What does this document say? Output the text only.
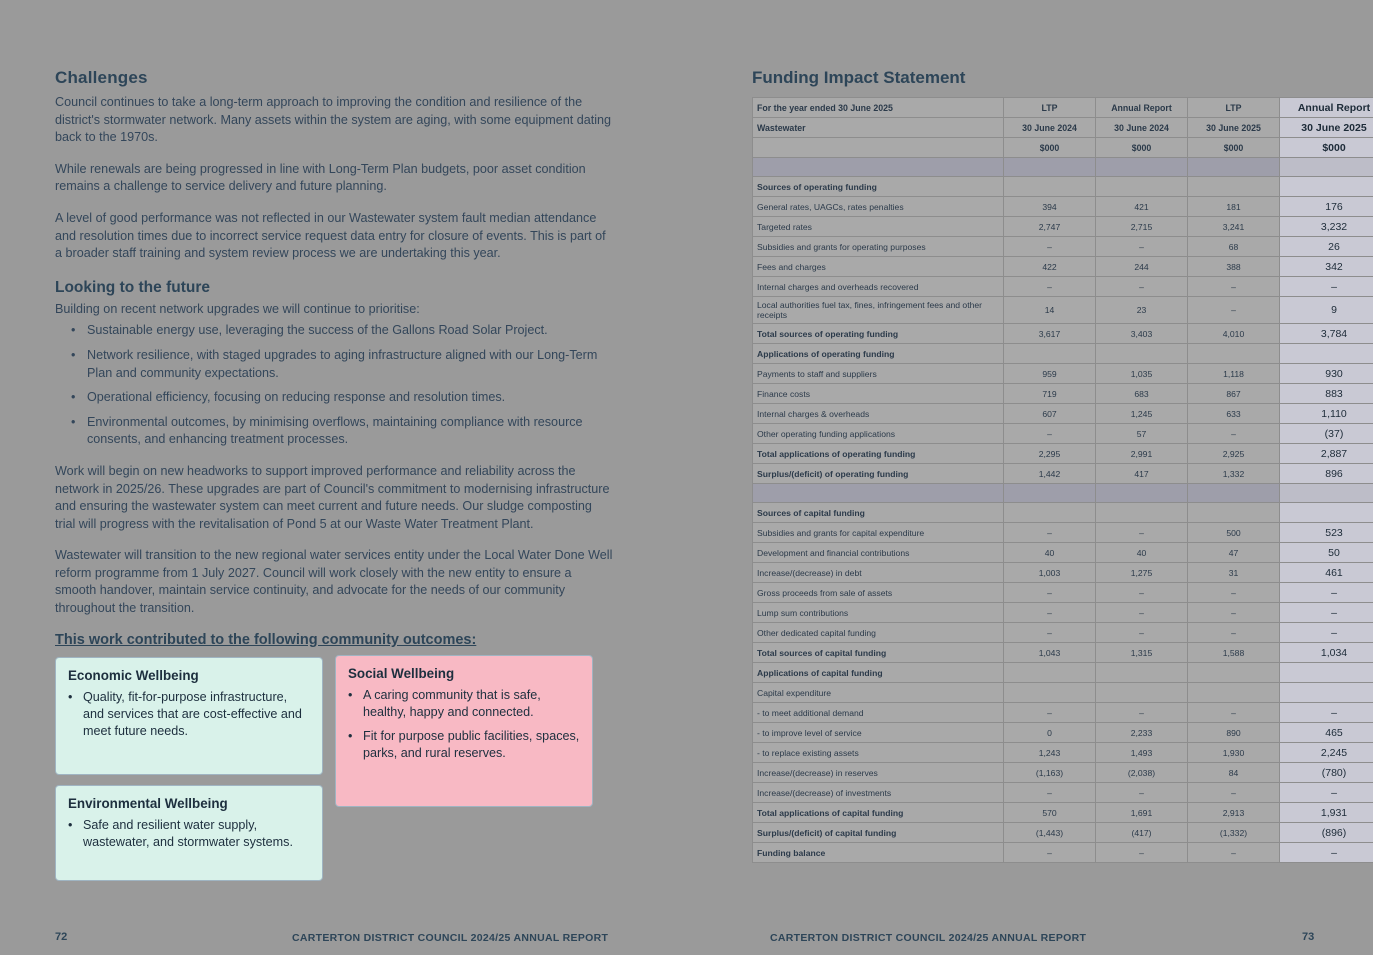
Challenges

Council continues to take a long-term approach to improving the condition and resilience of the district's stormwater network. Many assets within the system are aging, with some equipment dating back to the 1970s.

While renewals are being progressed in line with Long-Term Plan budgets, poor asset condition remains a challenge to service delivery and future planning.

A level of good performance was not reflected in our Wastewater system fault median attendance and resolution times due to incorrect service request data entry for closure of events. This is part of a broader staff training and system review process we are undertaking this year.

Looking to the future

Building on recent network upgrades we will continue to prioritise:

• Sustainable energy use, leveraging the success of the Gallons Road Solar Project.
• Network resilience, with staged upgrades to aging infrastructure aligned with our Long-Term Plan and community expectations.
• Operational efficiency, focusing on reducing response and resolution times.
• Environmental outcomes, by minimising overflows, maintaining compliance with resource consents, and enhancing treatment processes.

Work will begin on new headworks to support improved performance and reliability across the network in 2025/26. These upgrades are part of Council's commitment to modernising infrastructure and ensuring the wastewater system can meet current and future needs. Our sludge composting trial will progress with the revitalisation of Pond 5 at our Waste Water Treatment Plant.

Wastewater will transition to the new regional water services entity under the Local Water Done Well reform programme from 1 July 2027. Council will work closely with the new entity to ensure a smooth handover, maintain service continuity, and advocate for the needs of our community throughout the transition.

This work contributed to the following community outcomes:
Economic Wellbeing
• Quality, fit-for-purpose infrastructure, and services that are cost-effective and meet future needs.
Social Wellbeing
• A caring community that is safe, healthy, happy and connected.
• Fit for purpose public facilities, spaces, parks, and rural reserves.
Environmental Wellbeing
• Safe and resilient water supply, wastewater, and stormwater systems.
Funding Impact Statement
For the year ended 30 June 2025	LTP	Annual Report	LTP	Annual Report
Wastewater	30 June 2024	30 June 2024	30 June 2025	30 June 2025
	$000	$000	$000	$000

Sources of operating funding				
General rates, UAGCs, rates penalties	394	421	181	176
Targeted rates	2,747	2,715	3,241	3,232
Subsidies and grants for operating purposes	–	–	68	26
Fees and charges	422	244	388	342
Internal charges and overheads recovered	–	–	–	–
Local authorities fuel tax, fines, infringement fees and other receipts	14	23	–	9
Total sources of operating funding	3,617	3,403	4,010	3,784
Applications of operating funding				
Payments to staff and suppliers	959	1,035	1,118	930
Finance costs	719	683	867	883
Internal charges & overheads	607	1,245	633	1,110
Other operating funding applications	–	57	–	(37)
Total applications of operating funding	2,295	2,991	2,925	2,887
Surplus/(deficit) of operating funding	1,442	417	1,332	896

Sources of capital funding				
Subsidies and grants for capital expenditure	–	–	500	523
Development and financial contributions	40	40	47	50
Increase/(decrease) in debt	1,003	1,275	31	461
Gross proceeds from sale of assets	–	–	–	–
Lump sum contributions	–	–	–	–
Other dedicated capital funding	–	–	–	–
Total sources of capital funding	1,043	1,315	1,588	1,034
Applications of capital funding				
Capital expenditure				
- to meet additional demand	–	–	–	–
- to improve level of service	0	2,233	890	465
- to replace existing assets	1,243	1,493	1,930	2,245
Increase/(decrease) in reserves	(1,163)	(2,038)	84	(780)
Increase/(decrease) of investments	–	–	–	–
Total applications of capital funding	570	1,691	2,913	1,931
Surplus/(deficit) of capital funding	(1,443)	(417)	(1,332)	(896)
Funding balance	–	–	–	–
72	CARTERTON DISTRICT COUNCIL 2024/25 ANNUAL REPORT	CARTERTON DISTRICT COUNCIL 2024/25 ANNUAL REPORT	73
